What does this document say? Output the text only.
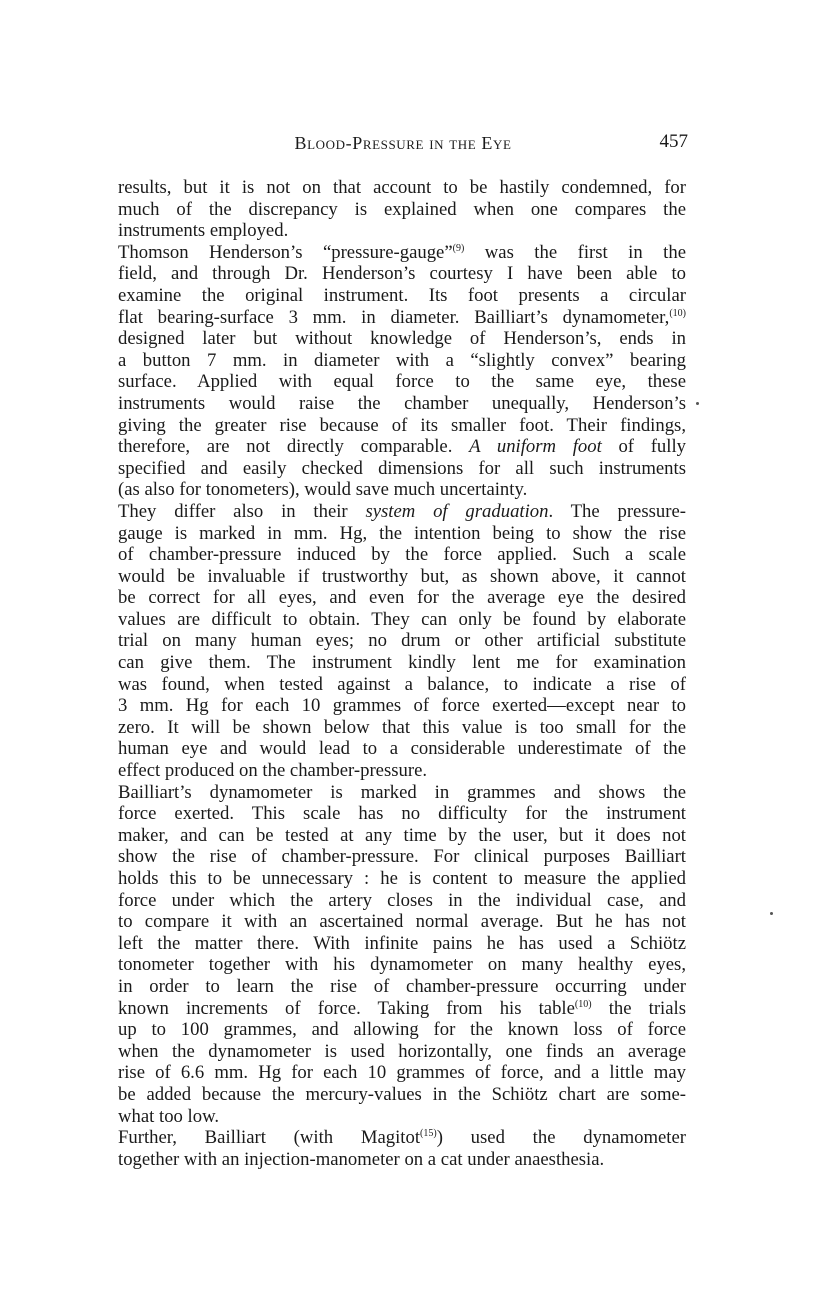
Blood-Pressure in the Eye	457
results, but it is not on that account to be hastily condemned, for
much of the discrepancy is explained when one compares the
instruments employed.
Thomson Henderson’s “pressure-gauge”$^{(9)}$ was the first in the
field, and through Dr. Henderson’s courtesy I have been able to
examine the original instrument. Its foot presents a circular
flat bearing-surface 3 mm. in diameter. Bailliart’s dynamometer,$^{(10)}$
designed later but without knowledge of Henderson’s, ends in
a button 7 mm. in diameter with a “slightly convex” bearing
surface. Applied with equal force to the same eye, these
instruments would raise the chamber unequally, Henderson’s
giving the greater rise because of its smaller foot. Their findings,
therefore, are not directly comparable. A uniform foot of fully
specified and easily checked dimensions for all such instruments
(as also for tonometers), would save much uncertainty.
They differ also in their system of graduation. The pressure-
gauge is marked in mm. Hg, the intention being to show the rise
of chamber-pressure induced by the force applied. Such a scale
would be invaluable if trustworthy but, as shown above, it cannot
be correct for all eyes, and even for the average eye the desired
values are difficult to obtain. They can only be found by elaborate
trial on many human eyes; no drum or other artificial substitute
can give them. The instrument kindly lent me for examination
was found, when tested against a balance, to indicate a rise of
3 mm. Hg for each 10 grammes of force exerted—except near to
zero. It will be shown below that this value is too small for the
human eye and would lead to a considerable underestimate of the
effect produced on the chamber-pressure.
Bailliart’s dynamometer is marked in grammes and shows the
force exerted. This scale has no difficulty for the instrument
maker, and can be tested at any time by the user, but it does not
show the rise of chamber-pressure. For clinical purposes Bailliart
holds this to be unnecessary : he is content to measure the applied
force under which the artery closes in the individual case, and
to compare it with an ascertained normal average. But he has not
left the matter there. With infinite pains he has used a Schiötz
tonometer together with his dynamometer on many healthy eyes,
in order to learn the rise of chamber-pressure occurring under
known increments of force. Taking from his table$^{(10)}$ the trials
up to 100 grammes, and allowing for the known loss of force
when the dynamometer is used horizontally, one finds an average
rise of 6.6 mm. Hg for each 10 grammes of force, and a little may
be added because the mercury-values in the Schiötz chart are some-
what too low.
Further, Bailliart (with Magitot$^{(15)}$) used the dynamometer
together with an injection-manometer on a cat under anaesthesia.
